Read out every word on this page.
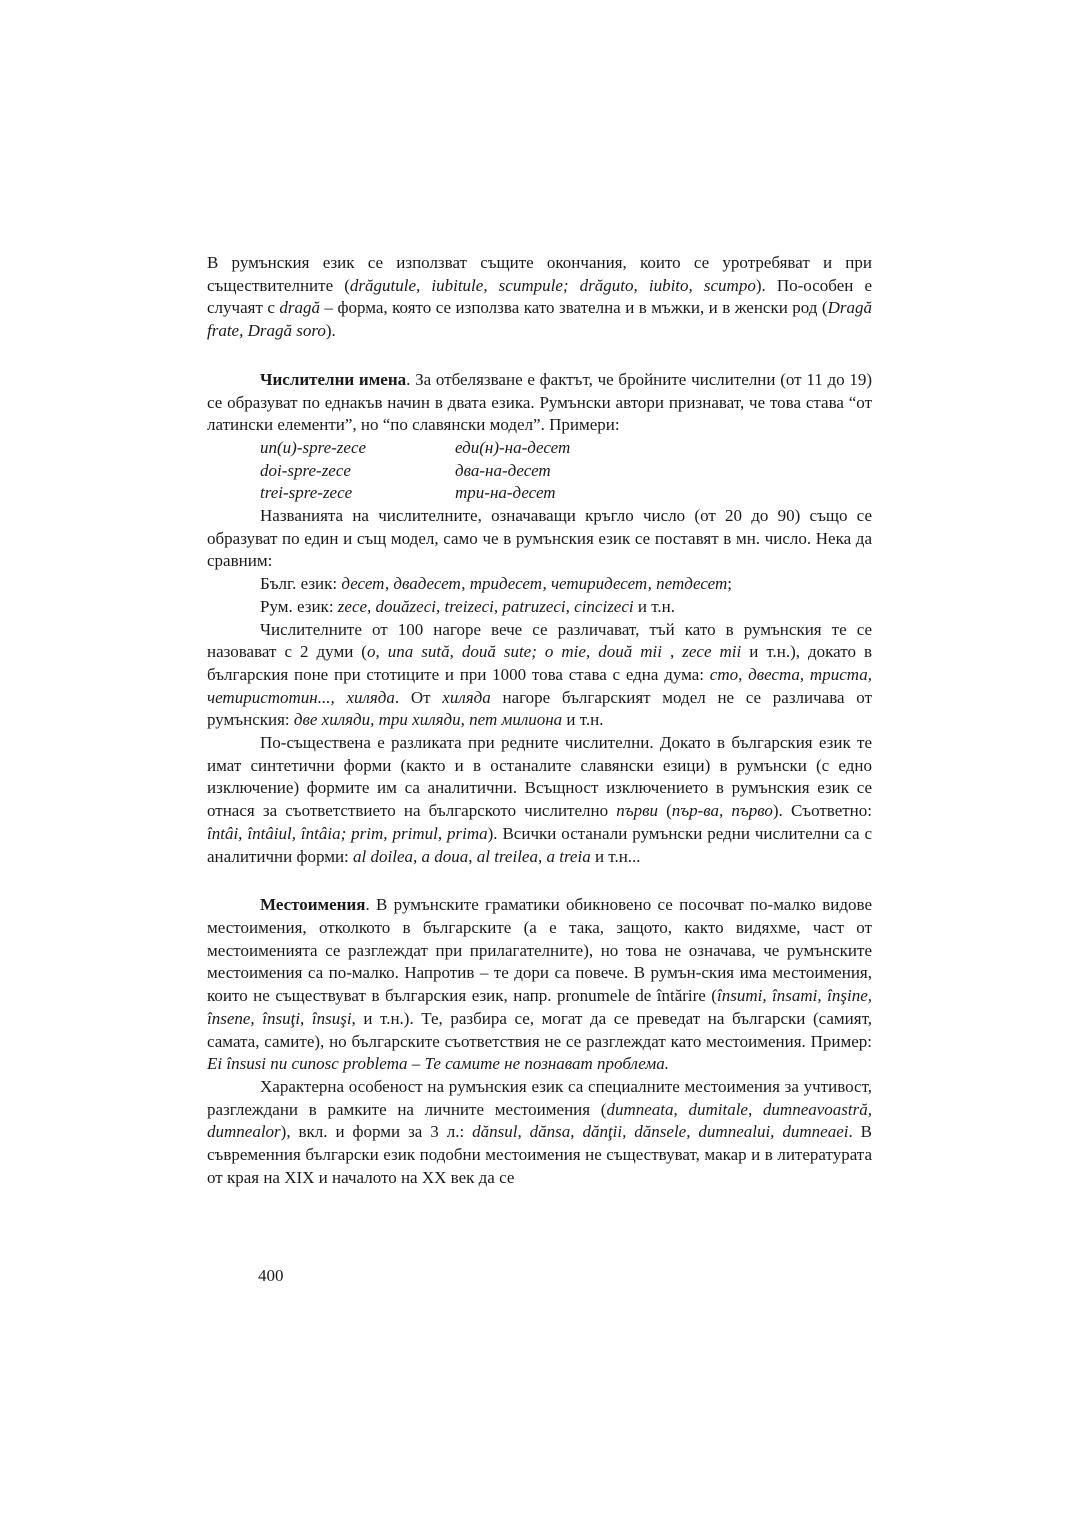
В румънския език се използват същите окончания, които се уротребяват и при съществителните (drăgutule, iubitule, scumpule; drăguto, iubito, scumpo). По-особен е случаят с dragă – форма, която се използва като звателна и в мъжки, и в женски род (Dragă frate, Dragă soro).

Числителни имена. За отбелязване е фактът, че бройните числителни (от 11 до 19) се образуват по еднакъв начин в двата езика. Румънски автори признават, че това става “от латински елементи”, но “по славянски модел”. Примери:

un(u)-spre-zece	еди(н)-на-десет
doi-spre-zece	два-на-десет
trei-spre-zece	три-на-десет

Названията на числителните, означаващи кръгло число (от 20 до 90) също се образуват по един и същ модел, само че в румънския език се поставят в мн. число. Нека да сравним:

Бълг. език: десет, двадесет, тридесет, четиридесет, петдесет;

Рум. език: zece, douăzeci, treizeci, patruzeci, cincizeci и т.н.

Числителните от 100 нагоре вече се различават, тъй като в румънския те се назовават с 2 думи (o, una sută, două sute; o mie, două mii , zece mii и т.н.), докато в българския поне при стотиците и при 1000 това става с една дума: сто, двеста, триста, четиристотин..., хиляда. От хиляда нагоре българският модел не се различава от румънския: две хиляди, три хиляди, пет милиона и т.н.

По-съществена е разликата при редните числителни. Докато в българския език те имат синтетични форми (както и в останалите славянски езици) в румънски (с едно изключение) формите им са аналитични. Всъщност изключението в румънския език се отнася за съответствието на българското числително първи (пър-ва, първо). Съответно: întâi, întâiul, întâia; prim, primul, prima). Всички останали румънски редни числителни са с аналитични форми: al doilea, a doua, al treilea, a treia и т.н...

Местоимения. В румънските граматики обикновено се посочват по-малко видове местоимения, отколкото в българските (а е така, защото, както видяхме, част от местоименията се разглеждат при прилагателните), но това не означава, че румънските местоимения са по-малко. Напротив – те дори са повече. В румън-ския има местоимения, които не съществуват в българския език, напр. pronumele de întărire (însumi, însami, înşine, însene, însuţi, însuşi, и т.н.). Те, разбира се, могат да се преведат на български (самият, самата, самите), но българските съответствия не се разглеждат като местоимения. Пример: Ei însusi nu cunosc problema – Те самите не познават проблема.

Характерна особеност на румънския език са специалните местоимения за учтивост, разглеждани в рамките на личните местоимения (dumneata, dumitale, dumneavoastră, dumnealor), вкл. и форми за 3 л.: dănsul, dănsa, dănţii, dănsele, dumnealui, dumneaei. В съвременния български език подобни местоимения не съществуват, макар и в литературата от края на XIX и началото на XX век да се

400
